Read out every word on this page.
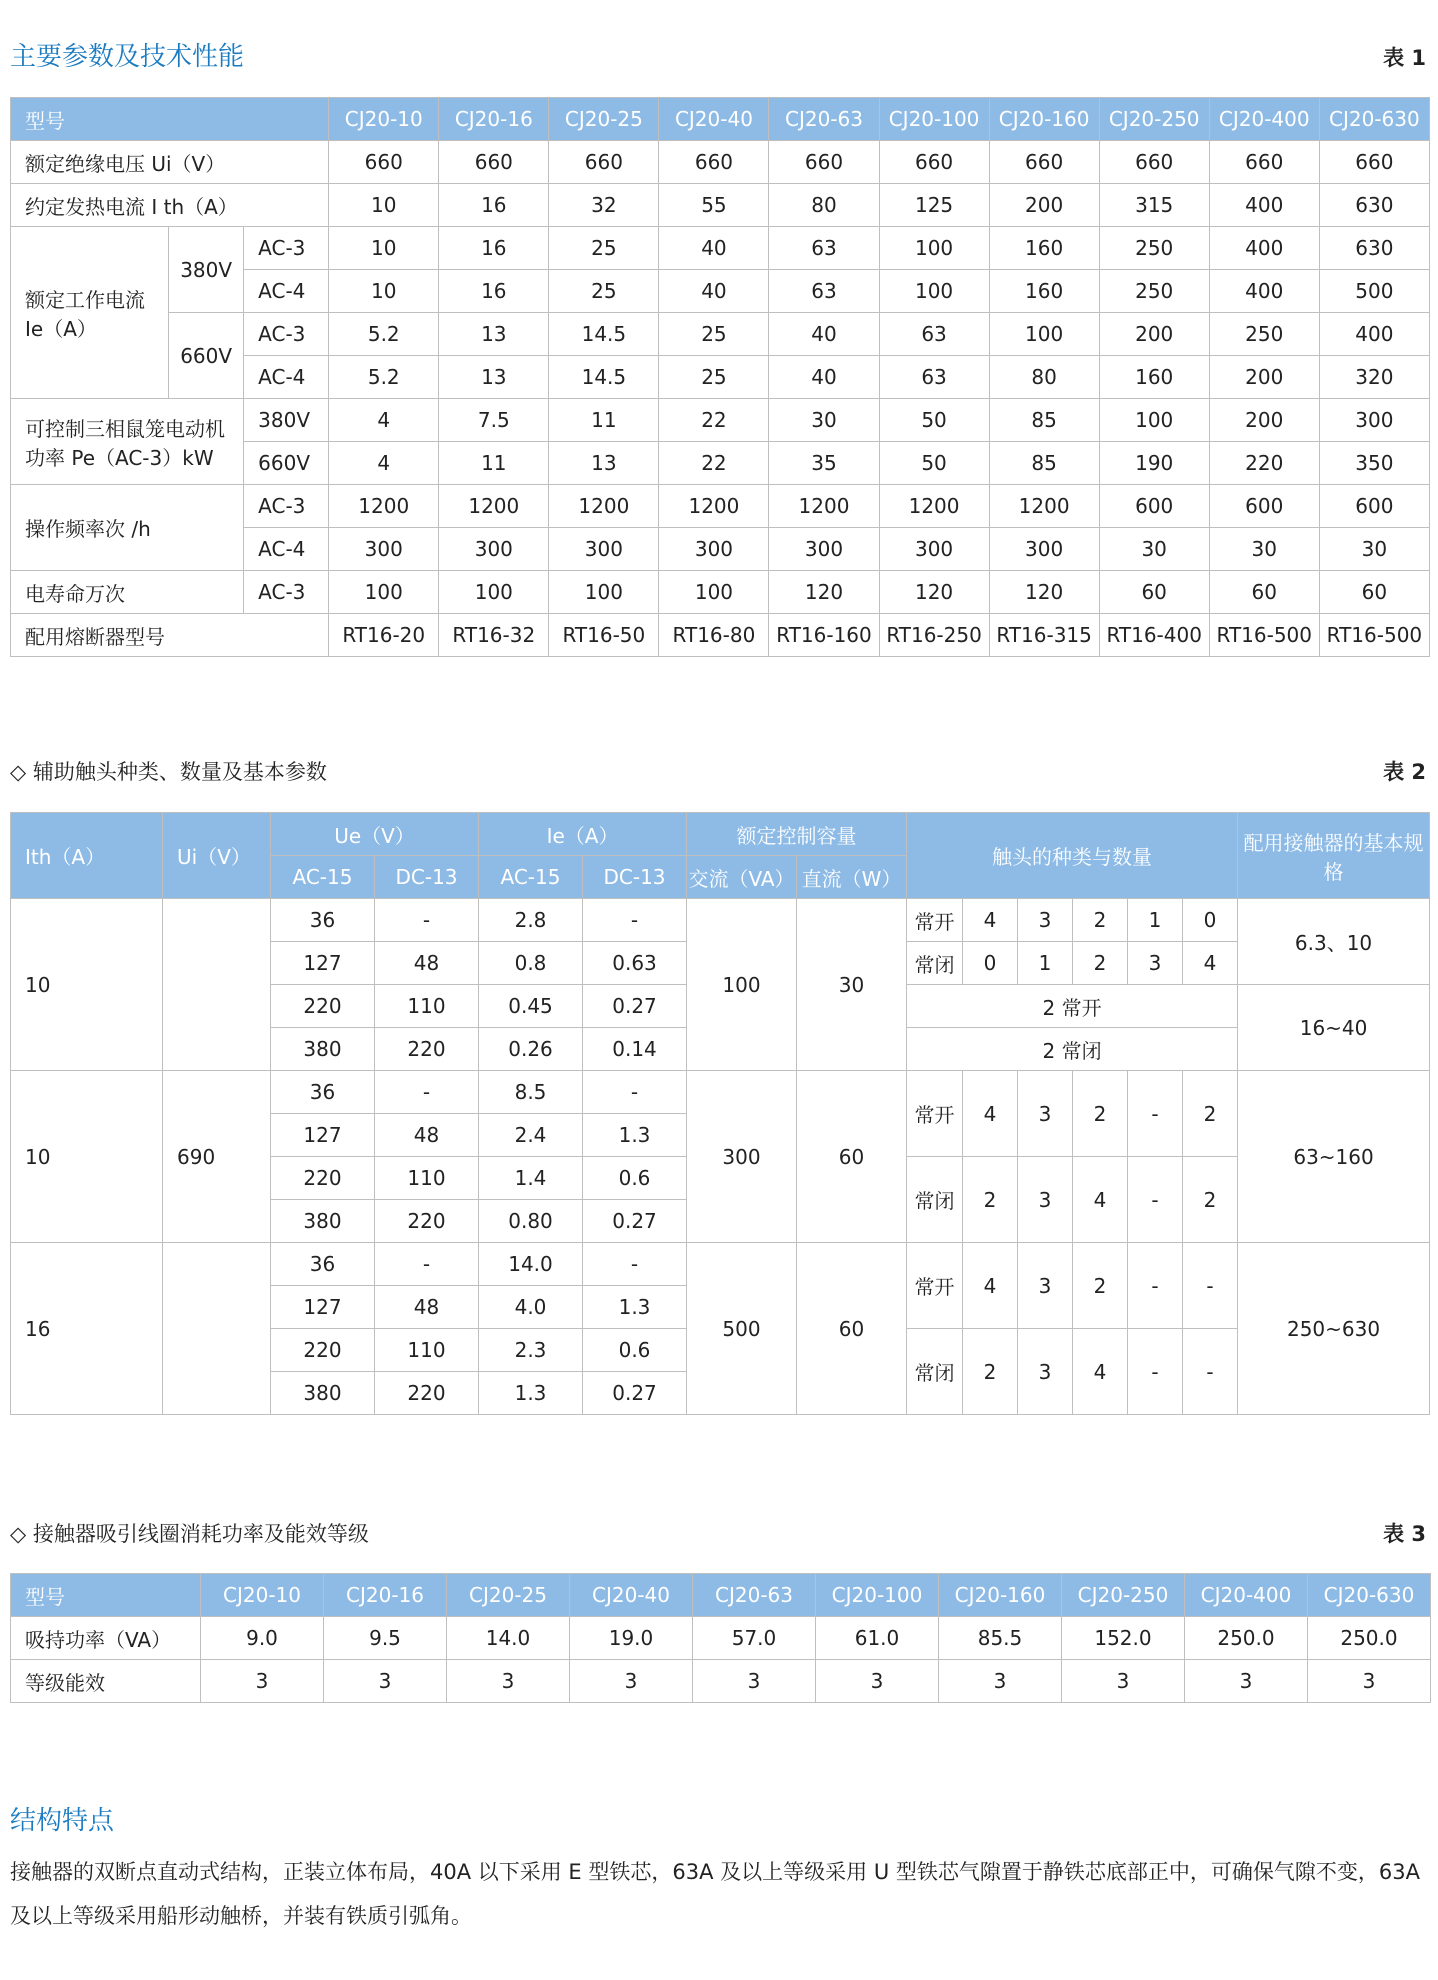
主要参数及技术性能	表 1
型号			CJ20-10	CJ20-16	CJ20-25	CJ20-40	CJ20-63	CJ20-100	CJ20-160	CJ20-250	CJ20-400	CJ20-630
额定绝缘电压 Ui（V）			660	660	660	660	660	660	660	660	660	660
约定发热电流 I th（A）			10	16	32	55	80	125	200	315	400	630
额定工作电流 Ie（A）	380V	AC-3	10	16	25	40	63	100	160	250	400	630
		AC-4	10	16	25	40	63	100	160	250	400	500
	660V	AC-3	5.2	13	14.5	25	40	63	100	200	250	400
		AC-4	5.2	13	14.5	25	40	63	80	160	200	320
可控制三相鼠笼电动机功率 Pe（AC-3）kW		380V	4	7.5	11	22	30	50	85	100	200	300
		660V	4	11	13	22	35	50	85	190	220	350
操作频率次 /h		AC-3	1200	1200	1200	1200	1200	1200	1200	600	600	600
		AC-4	300	300	300	300	300	300	300	30	30	30
电寿命万次		AC-3	100	100	100	100	120	120	120	60	60	60
配用熔断器型号			RT16-20	RT16-32	RT16-50	RT16-80	RT16-160	RT16-250	RT16-315	RT16-400	RT16-500	RT16-500
◇ 辅助触头种类、数量及基本参数	表 2
Ith（A）	Ui（V）	Ue（V）		Ie（A）		额定控制容量		触头的种类与数量						配用接触器的基本规格
		AC-15	DC-13	AC-15	DC-13	交流（VA）	直流（W）							
10		36	-	2.8	-	100	30	常开	4	3	2	1	0	6.3、10
		127	48	0.8	0.63			常闭	0	1	2	3	4	
		220	110	0.45	0.27			2 常开						16~40
		380	220	0.26	0.14			2 常闭						
10	690	36	-	8.5	-	300	60	常开	4	3	2	-	2	63~160
		127	48	2.4	1.3									
		220	110	1.4	0.6			常闭	2	3	4	-	2	
		380	220	0.80	0.27									
16		36	-	14.0	-	500	60	常开	4	3	2	-	-	250~630
		127	48	4.0	1.3									
		220	110	2.3	0.6			常闭	2	3	4	-	-	
		380	220	1.3	0.27									
◇ 接触器吸引线圈消耗功率及能效等级	表 3
型号	CJ20-10	CJ20-16	CJ20-25	CJ20-40	CJ20-63	CJ20-100	CJ20-160	CJ20-250	CJ20-400	CJ20-630
吸持功率（VA）	9.0	9.5	14.0	19.0	57.0	61.0	85.5	152.0	250.0	250.0
等级能效	3	3	3	3	3	3	3	3	3	3
结构特点
接触器的双断点直动式结构，正装立体布局，40A 以下采用 E 型铁芯，63A 及以上等级采用 U 型铁芯气隙置于静铁芯底部正中，可确保气隙不变，63A 及以上等级采用船形动触桥，并装有铁质引弧角。
